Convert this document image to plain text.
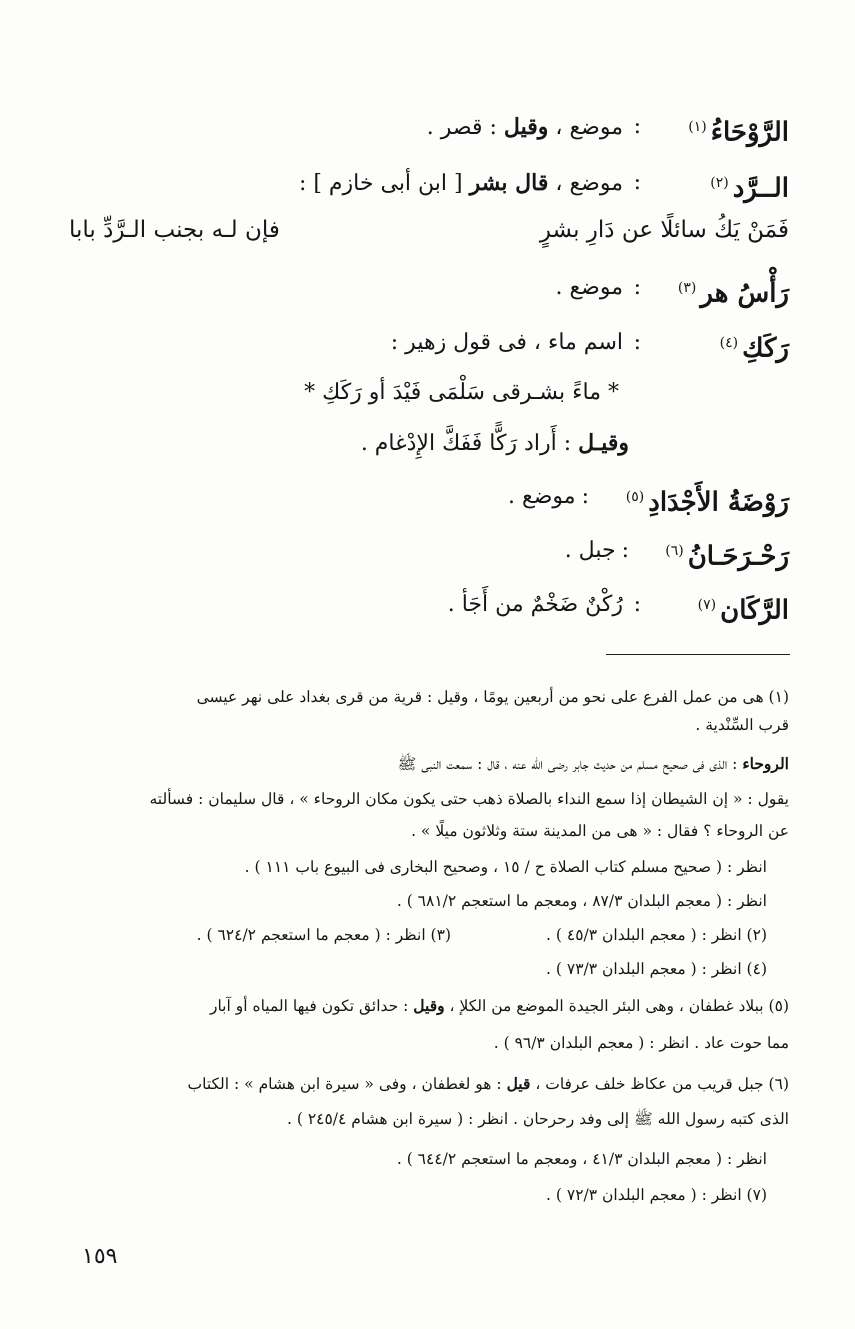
الرَّوْحَاءُ$^{(١)}$
:
موضع ، وقيل : قصر .
الــرَّد$^{(٢)}$
:
موضع ، قال بشر [ ابن أبى خازم ] :
فَمَنْ يَكُ سائلًا عن دَارِ بشرٍ
فإن لـه بجنب الـرَّدِّ بابا
رَأْسُ هر$^{(٣)}$
:
موضع .
رَكَكِ$^{(٤)}$
:
اسم ماء ، فى قول زهير :
* ماءً بشـرقى سَلْمَى فَيْدَ أو رَكَكِ *
وقيـل : أَراد رَكًّا فَفَكَّ الإِدْغام .
رَوْضَةُ الأَجْدَادِ$^{(٥)}$
:موضع .
رَحْـرَحَـانُ$^{(٦)}$
:جبل .
الرَّكَان$^{(٧)}$
:
رُكْنٌ ضَخْمٌ من أَجَأ .
(١) هى من عمل الفرع على نحو من أربعين يومًا ، وقيل : قرية من قرى بغداد على نهر عيسى
قرب السِّنْدية .
الروحاء : الذى فى صحيح مسلم من حديث جابر رضى الله عنه ، قال : سمعت النبى ﷺ
يقول : « إن الشيطان إذا سمع النداء بالصلاة ذهب حتى يكون مكان الروحاء » ، قال سليمان : فسألته
عن الروحاء ؟ فقال : « هى من المدينة ستة وثلاثون ميلًا » .
انظر : ( صحيح مسلم كتاب الصلاة ح / ١٥ ، وصحيح البخارى فى البيوع باب ١١١ ) .
انظر : ( معجم البلدان ٨٧/٣ ، ومعجم ما استعجم ٦٨١/٢ ) .
(٢) انظر : ( معجم البلدان ٤٥/٣ ) .
(٣) انظر : ( معجم ما استعجم ٦٢٤/٢ ) .
(٤) انظر : ( معجم البلدان ٧٣/٣ ) .
(٥) ببلاد غطفان ، وهى البئر الجيدة الموضع من الكلإ ، وقيل : حدائق تكون فيها المياه أو آبار
مما حوت عاد . انظر : ( معجم البلدان ٩٦/٣ ) .
(٦) جبل قريب من عكاظ خلف عرفات ، قيل : هو لغطفان ، وفى « سيرة ابن هشام » : الكتاب
الذى كتبه رسول الله ﷺ إلى وفد رحرحان . انظر : ( سيرة ابن هشام ٢٤٥/٤ ) .
انظر : ( معجم البلدان ٤١/٣ ، ومعجم ما استعجم ٦٤٤/٢ ) .
(٧) انظر : ( معجم البلدان ٧٢/٣ ) .
١٥٩
